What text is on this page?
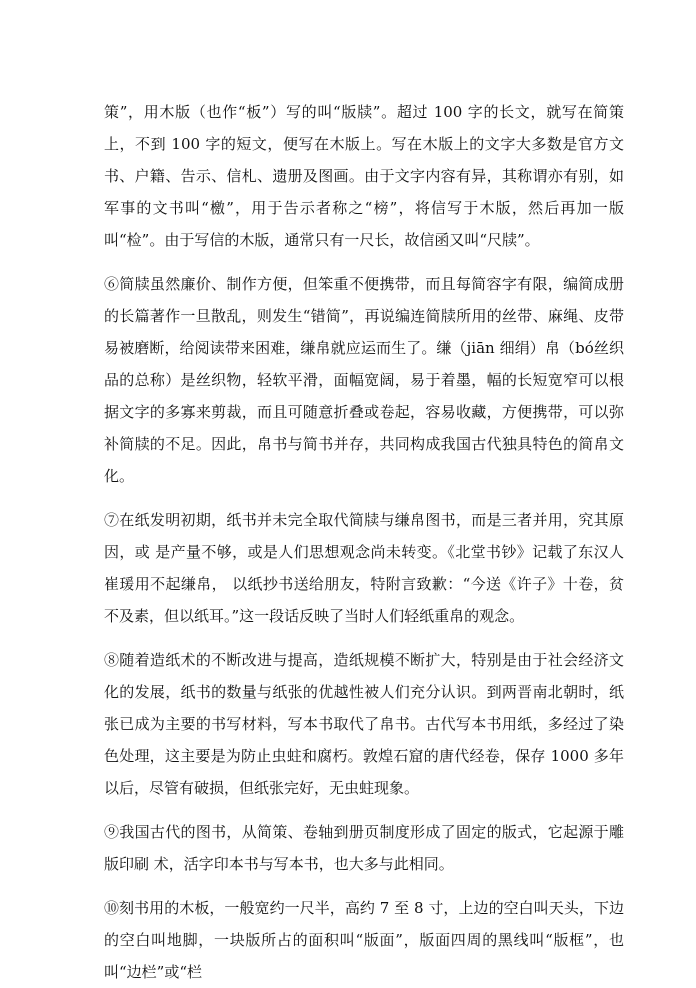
策”，用木版（也作“板”）写的叫“版牍”。超过 100 字的长文，就写在简策上，不到 100 字的短文，便写在木版上。写在木版上的文字大多数是官方文书、户籍、告示、信札、遗册及图画。由于文字内容有异，其称谓亦有别，如军事的文书叫“檄”，用于告示者称之“榜”，将信写于木版，然后再加一版叫“检”。由于写信的木版，通常只有一尺长，故信函又叫“尺牍”。

⑥简牍虽然廉价、制作方便，但笨重不便携带，而且每简容字有限，编简成册的长篇著作一旦散乱，则发生“错简”，再说编连简牍所用的丝带、麻绳、皮带易被磨断，给阅读带来困难，缣帛就应运而生了。缣（jiān 细绢）帛（bó丝织品的总称）是丝织物，轻软平滑，面幅宽阔，易于着墨，幅的长短宽窄可以根据文字的多寡来剪裁，而且可随意折叠或卷起，容易收藏，方便携带，可以弥补简牍的不足。因此，帛书与简书并存，共同构成我国古代独具特色的简帛文化。

⑦在纸发明初期，纸书并未完全取代简牍与缣帛图书，而是三者并用，究其原因，或 是产量不够，或是人们思想观念尚未转变。《北堂书钞》记载了东汉人崔瑗用不起缣帛， 以纸抄书送给朋友，特附言致歉：“今送《许子》十卷，贫不及素，但以纸耳。”这一段话反映了当时人们轻纸重帛的观念。

⑧随着造纸术的不断改进与提高，造纸规模不断扩大，特别是由于社会经济文化的发展，纸书的数量与纸张的优越性被人们充分认识。到两晋南北朝时，纸张已成为主要的书写材料，写本书取代了帛书。古代写本书用纸，多经过了染色处理，这主要是为防止虫蛀和腐朽。敦煌石窟的唐代经卷，保存 1000 多年以后，尽管有破损，但纸张完好，无虫蛀现象。

⑨我国古代的图书，从简策、卷轴到册页制度形成了固定的版式，它起源于雕版印刷 术，活字印本书与写本书，也大多与此相同。

⑩刻书用的木板，一般宽约一尺半，高约 7 至 8 寸，上边的空白叫天头，下边的空白叫地脚，一块版所占的面积叫“版面”，版面四周的黑线叫“版框”，也叫“边栏”或“栏
